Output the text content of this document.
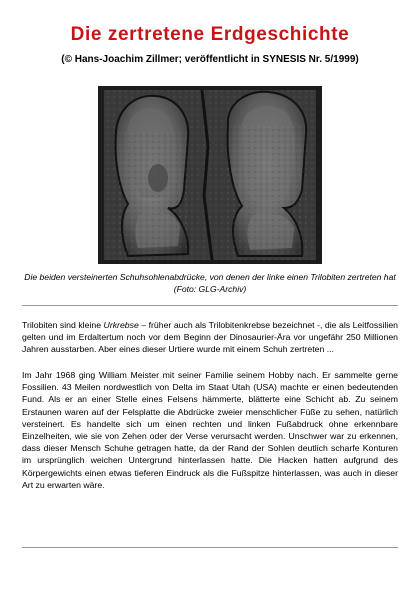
Die zertretene Erdgeschichte
(© Hans-Joachim Zillmer; veröffentlicht in SYNESIS Nr. 5/1999)
Die beiden versteinerten Schuhsohlenabdrücke, von denen der linke einen Trilobiten zertreten hat (Foto: GLG-Archiv)
Trilobiten sind kleine Urkrebse – früher auch als Trilobitenkrebse bezeichnet -, die als Leitfossilien gelten und im Erdaltertum noch vor dem Beginn der Dinosaurier-Ära vor ungefähr 250 Millionen Jahren ausstarben. Aber eines dieser Urtiere wurde mit einem Schuh zertreten ...
Im Jahr 1968 ging William Meister mit seiner Familie seinem Hobby nach. Er sammelte gerne Fossilien. 43 Meilen nordwestlich von Delta im Staat Utah (USA) machte er einen bedeutenden Fund. Als er an einer Stelle eines Felsens hämmerte, blätterte eine Schicht ab. Zu seinem Erstaunen waren auf der Felsplatte die Abdrücke zweier menschlicher Füße zu sehen, natürlich versteinert. Es handelte sich um einen rechten und linken Fußabdruck ohne erkennbare Einzelheiten, wie sie von Zehen oder der Verse verursacht werden. Unschwer war zu erkennen, dass dieser Mensch Schuhe getragen hatte, da der Rand der Sohlen deutlich scharfe Konturen im ursprünglich weichen Untergrund hinterlassen hatte. Die Hacken hatten aufgrund des Körpergewichts einen etwas tieferen Eindruck als die Fußspitze hinterlassen, was auch in dieser Art zu erwarten wäre.
